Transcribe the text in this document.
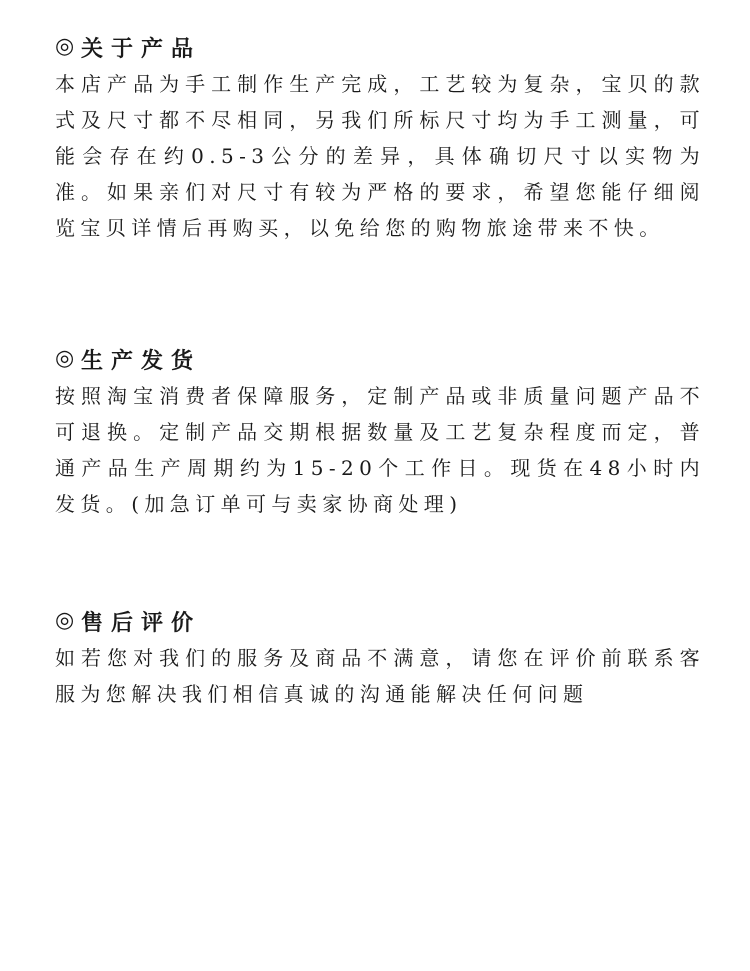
◎ 关于产品

本店产品为手工制作生产完成，工艺较为复杂，宝贝的款式及尺寸都不尽相同，另我们所标尺寸均为手工测量，可能会存在约0.5-3公分的差异，具体确切尺寸以实物为准。如果亲们对尺寸有较为严格的要求，希望您能仔细阅览宝贝详情后再购买，以免给您的购物旅途带来不快。

◎ 生产发货

按照淘宝消费者保障服务，定制产品或非质量问题产品不可退换。定制产品交期根据数量及工艺复杂程度而定，普通产品生产周期约为15-20个工作日。现货在48小时内发货。(加急订单可与卖家协商处理)

◎ 售后评价

如若您对我们的服务及商品不满意，请您在评价前联系客服为您解决我们相信真诚的沟通能解决任何问题
